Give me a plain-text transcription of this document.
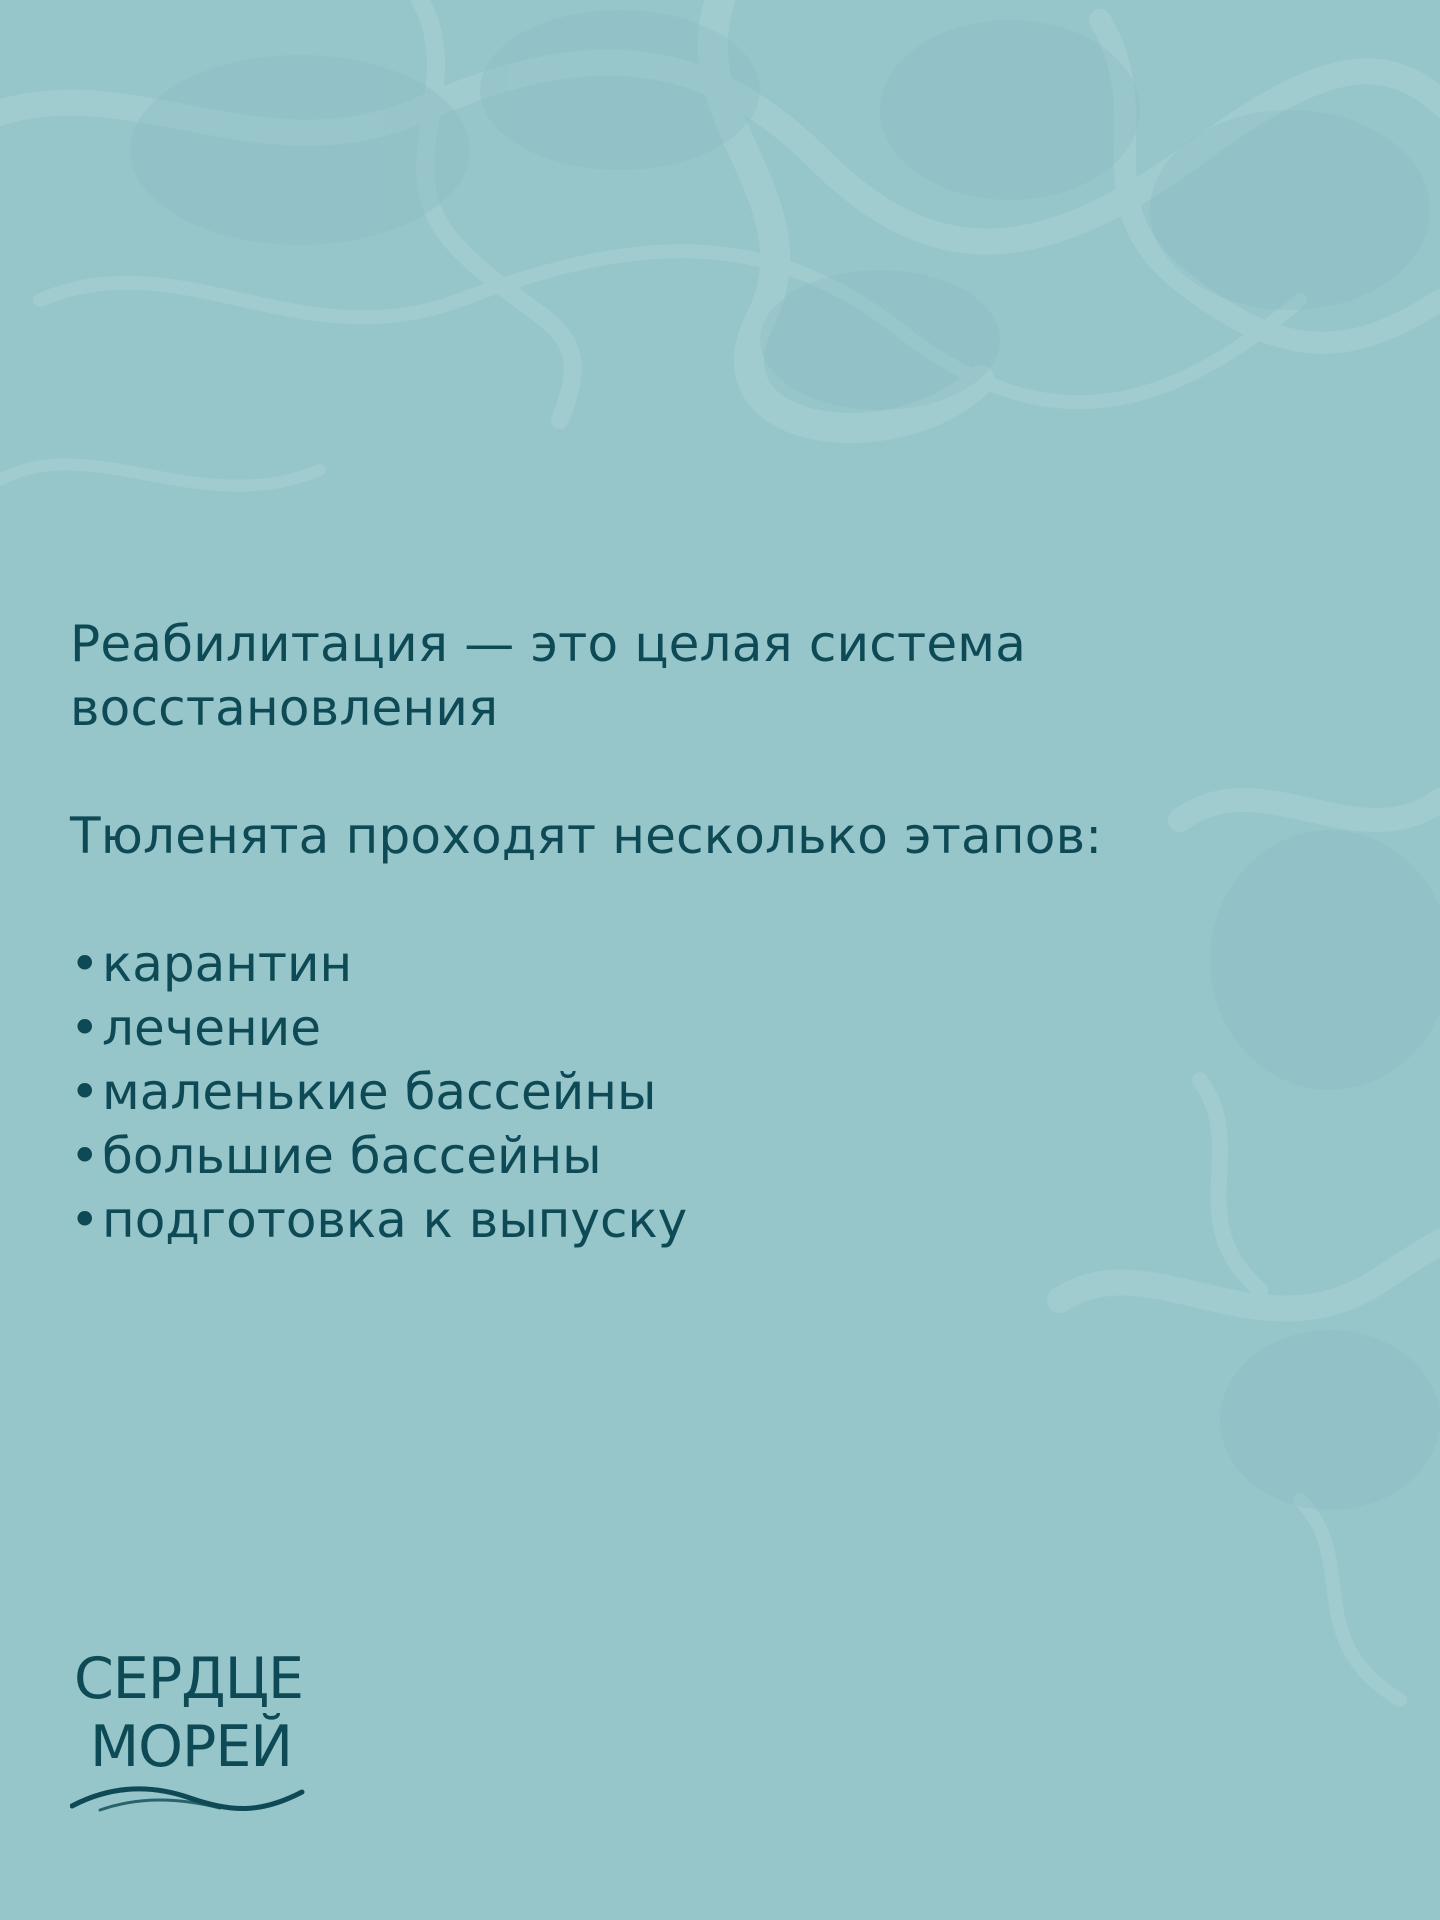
Реабилитация — это целая система
восстановления

Тюленята проходят несколько этапов:

•карантин
•лечение
•маленькие бассейны
•большие бассейны
•подготовка к выпуску
СЕРДЦЕ
МОРЕЙ
